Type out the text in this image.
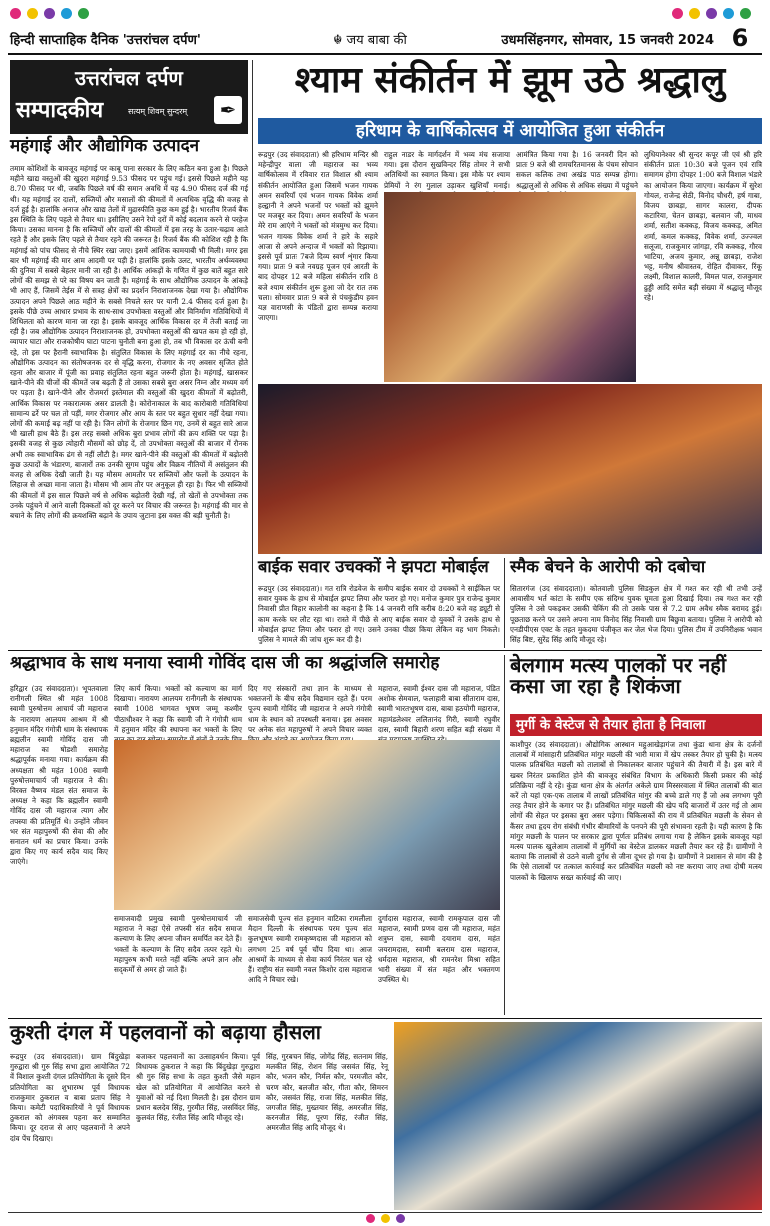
हिन्दी साप्ताहिक दैनिक 'उत्तरांचल दर्पण'	☬ जय बाबा की	उधमसिंहनगर, सोमवार, 15 जनवरी 2024 6
उत्तरांचल दर्पण
सम्पादकीय	सत्यम् शिवम् सुन्दरम्	✒
महंगाई और औद्योगिक उत्पादन
तमाम कोशिशों के बावजूद महंगाई पर काबू पाना सरकार के लिए कठिन बना हुआ है। पिछले महीने खाद्य वस्तुओं की खुदरा महंगाई 9.53 फीसद पर पहुंच गई। इससे पिछले महीने यह 8.70 फीसद पर थी, जबकि पिछले वर्ष की समान अवधि में यह 4.90 फीसद दर्ज की गई थी। यह महंगाई दर दालों, सब्जियों और मसालों की कीमतों में अत्यधिक वृद्धि की वजह से दर्ज हुई है। हालांकि अनाज और खाद्य तेलों में मुद्रास्फीति कुछ कम हुई है। भारतीय रिजर्व बैंक इस स्थिति के लिए पहले से तैयार था। इसीलिए उसने रेपो दरों में कोई बदलाव करने से परहेज किया। उसका मानना है कि सब्जियों और दालों की कीमतों में इस तरह के उतार-चढ़ाव आते रहते हैं और इसके लिए पहले से तैयार रहने की जरूरत है। रिजर्व बैंक की कोशिश रही है कि महंगाई को पांच फीसद से नीचे स्थिर रखा जाए। इसमें आंशिक कामयाबी भी मिली। मगर इस बार भी महंगाई की मार आम आदमी पर पड़ी है। हालांकि इसके उलट, भारतीय अर्थव्यवस्था की दुनिया में सबसे बेहतर मानी जा रही है। आर्थिक आंकड़ों के गणित में कुछ बातें बहुत सारे लोगों की समझ से परे का विषय बन जाती हैं। महंगाई के साथ औद्योगिक उत्पादन के आंकड़े भी आए हैं, जिसमें तेईस में से सत्रह क्षेत्रों का प्रदर्शन निराशाजनक देखा गया है। औद्योगिक उत्पादन अपने पिछले आठ महीने के सबसे निचले स्तर पर यानी 2.4 फीसद दर्ज हुआ है। इसके पीछे उच्च आधार प्रभाव के साथ-साथ उपभोक्ता वस्तुओं और विनिर्माण गतिविधियों में शिथिलता को कारण माना जा रहा है। इसके बावजूद आर्थिक विकास दर में तेजी बताई जा रही है। जब औद्योगिक उत्पादन निराशाजनक हो, उपभोक्ता वस्तुओं की खपत कम हो रही हो, व्यापार घाटा और राजकोषीय घाटा पाटना चुनौती बना हुआ हो, तब भी विकास दर ऊंची बनी रहे, तो इस पर हैरानी स्वाभाविक है। संतुलित विकास के लिए महंगाई दर का नीचे रहना, औद्योगिक उत्पादन का संतोषजनक दर से वृद्धि करना, रोजगार के नए अवसर सृजित होते रहना और बाजार में पूंजी का प्रवाह संतुलित रहना बहुत जरूरी होता है। महंगाई, खासकर खाने-पीने की चीजों की कीमतें जब बढ़ती हैं तो उसका सबसे बुरा असर निम्न और मध्यम वर्ग पर पड़ता है। खाने-पीने और रोजमर्रा इस्तेमाल की वस्तुओं की खुदरा कीमतों में बढ़ोतरी, आर्थिक विकास पर नकारात्मक असर डालती है। कोरोनाकाल के बाद कारोबारी गतिविधियां सामान्य ढर्रे पर चल तो पड़ीं, मगर रोजगार और आय के स्तर पर बहुत सुधार नहीं देखा गया। लोगों की कमाई बढ़ नहीं पा रही है। जिन लोगों के रोजगार छिन गए, उनमें से बहुत सारे आज भी खाली हाथ बैठे हैं। इस तरह सबसे अधिक बुरा प्रभाव लोगों की क्रय शक्ति पर पड़ा है। इसकी वजह से कुछ त्योहारी मौसमों को छोड़ दें, तो उपभोक्ता वस्तुओं की बाजार में रौनक अभी तक स्वाभाविक ढंग से नहीं लौटी है। मगर खाने-पीने की वस्तुओं की कीमतों में बढ़ोतरी कुछ उत्पादों के भंडारण, बाजारों तक उनकी सुगम पहुंच और विक्रय नीतियों में असंतुलन की वजह से अधिक देखी जाती है। यह मौसम आमतौर पर सब्जियों और फलों के उत्पादन के लिहाज से अच्छा माना जाता है। मौसम भी आम तौर पर अनुकूल ही रहा है। फिर भी सब्जियों की कीमतों में इस साल पिछले वर्ष से अधिक बढ़ोतरी देखी गई, तो खेतों से उपभोक्ता तक उनके पहुंचने में आने वाली दिक्कतों को दूर करने पर विचार की जरूरत है। महंगाई की मार से बचाने के लिए लोगों की क्रयशक्ति बढ़ाने के उपाय जुटाना इस वक्त की बड़ी चुनौती है।
श्याम संकीर्तन में झूम उठे श्रद्धालु
हरिधाम के वार्षिकोत्सव में आयोजित हुआ संकीर्तन
रूद्रपुर (उद संवाददाता) श्री हरिधाम मन्दिर श्री महेन्द्रीपुर वाला जी महाराज का भव्य वार्षिकोत्सव में रविवार रात विशाल श्री श्याम संकीर्तन आयोजित हुआ जिसमें भजन गायक अमन सवरियाँ एवं भजन गायक विवेक शर्मा हल्द्वानी ने अपने भजनों पर भक्तों को झूमने पर मजबूर कर दिया। अमन सवरियाँ के भजन मेरे राम आएंगे ने भक्तों को मंत्रमुग्ध कर दिया। भजन गायक विवेक शर्मा ने हारे के सहारे आजा से अपने अन्दाज में भक्तों को रिझाया। इससे पूर्व प्रातः 7बजे दिव्य स्वर्ण शृंगार किया गया। प्रातः 9 बजे नवग्रह पूजन एवं आरती के बाद दोपहर 12 बजे महिला संकीर्तन रात्रि 8 बजे श्याम संकीर्तन शुरू हुआ जो देर रात तक चला। सोमवार प्रातः 9 बजे से पंचकुंडीय हवन यज्ञ वाराणसी के पंडितों द्वारा सम्पन्न कराया जाएगा।
राहुल नाडर के मार्गदर्शन में भव्य मंच सजाया गया। इस दौरान सुखविन्दर सिंह तोमर ने सभी अतिथियों का स्वागत किया। इस मौके पर श्याम प्रेमियों ने रंग गुलाल उड़ाकर खुशियाँ मनाई।
आमंत्रित किया गया है। 16 जनवरी दिन को प्रातः 9 बजे श्री रामचरितमानस के पंचम सोपान सकल कलिक तथा अखंड पाठ सम्पन्न होगा। श्रद्धालुओं से अधिक से अधिक संख्या में पहुंचने
लुधियानेश्वर श्री सुन्दर कपूर जी एवं श्री हरि संकीर्तन प्रातः 10:30 बजे पूजन एवं रात्रि समागम होगा दोपहर 1:00 बजे विशाल भंडारे का आयोजन किया जाएगा। कार्यक्रम में सुरेश गोयल, राजेन्द्र सेठी, विनोद चौधरी, हर्ष गाबा, विजय छाबड़ा, सागर कालरा, दीपक कटारिया, चेतन छाबड़ा, बलवान जी, माधव शर्मा, सतीश कक्कड़, विजय कक्कड़, अमित शर्मा, कमल कक्कड़, विवेक शर्मा, उज्ज्वल सलूजा, राजकुमार जांगड़ा, रवि कक्कड़, गौरव भाटिया, अजय कुमार, अन्नू छाबड़ा, राजेश भट्ट, मनीष श्रीवास्तव, रोहित दीवाकर, रिंकू लक्ष्मी, विशाल कालरी, विमल पाल, राजकुमार ढुड्डी आदि समेत बड़ी संख्या में श्रद्धालु मौजूद रहे।
बाईक सवार उचक्कों ने झपटा मोबाईल
रूद्रपुर (उद संवाददाता)। गत रात्रि रोडवेज के समीप बाईक सवार दो उचक्कों ने साईकिल पर सवार युवक के हाथ से मोबाईल झपट लिया और फरार हो गए। मनोज कुमार पुत्र राजेन्द्र कुमार निवासी प्रीत विहार कालोनी का कहना है कि 14 जनवरी रात्रि करीब 8:20 बजे वह ड्यूटी से काम करके घर लौट रहा था। रास्ते में पीछे से आए बाईक सवार दो युवकों ने उसके हाथ से मोबाईल झपट लिया और फरार हो गए। उसने उनका पीछा किया लेकिन वह भाग निकले। पुलिस ने मामले की जांच शुरू कर दी है।
स्मैक बेचने के आरोपी को दबोचा
सितारगंज (उद संवाददाता)। कोतवाली पुलिस सिडकुल क्षेत्र में गश्त कर रही थी तभी उन्हें आवासीय भर्त कांटा के समीप एक संदिग्ध युवक घूमता हुआ दिखाई दिया। तब गश्त कर रही पुलिस ने उसे पकड़कर उसकी चेकिंग की तो उसके पास से 7.2 ग्राम अवैध स्मैक बरामद हुई। पूछताछ करने पर उसने अपना नाम विनोद सिंह निवासी ग्राम बिछुवा बताया। पुलिस ने आरोपी को एनडीपीएस एक्ट के तहत मुकदमा पंजीकृत कर जेल भेज दिया। पुलिस टीम में उपनिरीक्षक भवान सिंह बिष्ट, सुरेंद्र सिंह आदि मौजूद रहे।
श्रद्धाभाव के साथ मनाया स्वामी गोविंद दास जी का श्रद्धांजलि समारोह
हरिद्वार (उद संवाददाता)। भूपतवाला रानीगली स्थित श्री महंत 1008 स्वामी पुरुषोत्तम आचार्य जी महाराज के नारायण आलयम आश्रम में श्री हनुमान मंदिर गंगोत्री धाम के संस्थापक ब्रह्मलीन स्वामी गोविंद दास जी महाराज का षोडशी समारोह श्रद्धापूर्वक मनाया गया। कार्यक्रम की अध्यक्षता श्री महंत 1008 स्वामी पुरुषोत्तमाचार्य जी महाराज ने की। विरक्त वैष्णव मंडल संत समाज के अध्यक्ष ने कहा कि ब्रह्मलीन स्वामी गोविंद दास जी महाराज त्याग और तपस्या की प्रतिमूर्ति थे। उन्होंने जीवन भर संत महापुरुषों की सेवा की और सनातन धर्म का प्रचार किया। उनके द्वारा किए गए कार्य सदैव याद किए जाएंगे।
लिए कार्य किया। भक्तों को कल्याण का मार्ग दिखाया। नारायण आलयम रानीगली के संस्थापक स्वामी 1008 भागवत भूषण जम्मू कश्मीर पीठाधीश्वर ने कहा कि स्वामी जी ने गंगोत्री धाम में हनुमान मंदिर की स्थापना कर भक्तों के लिए
दिए गए संस्कारों तथा ज्ञान के माध्यम से भक्तजनों के बीच सदैव विद्यमान रहते हैं। परम पूज्य स्वामी गोविंद जी महाराज ने अपने गंगोत्री धाम के स्थान को तपस्थली बनाया। इस अवसर पर अनेक संत महापुरुषों ने अपने विचार व्यक्त
महाराज, स्वामी ईश्वर दास जी महाराज, पंडित अशोक सेमवाल, फलाहारी बाबा सीताराम दास, स्वामी भारतभूषण दास, बाबा हठयोगी महाराज, महामंडलेश्वर ललितानंद गिरी, स्वामी रघुवीर दास, स्वामी बिहारी शरण सहित बड़ी संख्या में
समाजवादी प्रमुख स्वामी पुरुषोत्तमाचार्य जी महाराज ने कहा ऐसे तपस्वी संत सदैव समाज कल्याण के लिए अपना जीवन समर्पित कर देते हैं। भक्तों के कल्याण के लिए सदैव तत्पर रहते थे। महापुरुष कभी मरते नहीं बल्कि अपने ज्ञान और सद्कर्मों से अमर हो जाते हैं।
समाजसेवी पूज्य संत हनुमान वाटिका रामलीला मैदान दिल्ली के संस्थापक परम पूज्य संत कुलभूषण स्वामी रामकृष्णदास जी महाराज को लगभग 25 वर्ष पूर्व चौंप दिया था। आज आश्रमों के माध्यम से सेवा कार्य निरंतर चल रहे हैं। राष्ट्रीय संत स्वामी नवल किशोर दास महाराज आदि ने विचार रखे।
दुर्गादास महाराज, स्वामी रामकृपाल दास जी महाराज, स्वामी प्रणव दास जी महाराज, महंत शत्रुघ्न दास, स्वामी दयाराम दास, महंत जयरामदास, स्वामी बलराम दास महाराज, धर्मदास महाराज, श्री रामनरेश मिश्रा सहित भारी संख्या में संत महंत और भक्तगण उपस्थित थे।
बेलगाम मत्स्य पालकों पर नहीं कसा जा रहा है शिकंजा
मुर्गी के वेस्टेज से तैयार होता है निवाला
काशीपुर (उद संवाददाता)। औद्योगिक आस्थान महुआखेड़ागंज तथा कुंडा थाना क्षेत्र के दर्जनों तालाबों में मांसाहारी प्रतिबंधित मांगुर मछली की भारी मात्रा में खेप तस्कर तैयार हो चुकी है। मत्स्य पालक प्रतिबंधित मछली को तालाबों से निकालकर बाजार पहुंचाने की तैयारी में है। इस बारे में खबर निरंतर प्रकाशित होने की बावजूद संबंधित विभाग के अधिकारी किसी प्रकार की कोई प्रतिक्रिया नहीं दे रहे। कुंडा थाना क्षेत्र के अंतर्गत अकेले ग्राम मिस्सरवाला में स्थित तालाबों की बात करें तो यहां एक-एक तालाब में लाखों प्रतिबंधित मांगुर की बच्चे डाले गए हैं जो अब लगभग पूरी तरह तैयार होने के कगार पर हैं। प्रतिबंधित मांगुर मछली की खेप यदि बाजारों में उतर गई तो आम लोगों की सेहत पर इसका बुरा असर पड़ेगा। चिकित्सकों की राय में प्रतिबंधित मछली के सेवन से कैंसर तथा हृदय रोग संबंधी गंभीर बीमारियों के पनपने की पूरी संभावना रहती है। यही कारण है कि मांगुर मछली के पालन पर सरकार द्वारा पूर्णतः प्रतिबंध लगाया गया है लेकिन इसके बावजूद यहां मत्स्य पालक खुलेआम तालाबों में मुर्गियों का वेस्टेज डालकर मछली तैयार कर रहे हैं। ग्रामीणों ने बताया कि तालाबों से उठने वाली दुर्गंध से जीना दूभर हो गया है। ग्रामीणों ने प्रशासन से मांग की है कि ऐसे तालाबों पर तत्काल कार्रवाई कर प्रतिबंधित मछली को नष्ट कराया जाए तथा दोषी मत्स्य पालकों के खिलाफ सख्त कार्रवाई की जाए।
कुश्ती दंगल में पहलवानों को बढ़ाया हौसला
रूद्रपुर (उद संवाददाता)। ग्राम बिंदुखेड़ा गुरुद्वारा श्री गुरु सिंह सभा द्वारा आयोजित 72 वें विशाल कुश्ती दंगल प्रतियोगिता के दूसरे दिन प्रतियोगिता का शुभारम्भ पूर्व विधायक राजकुमार ठुकराल व बाबा प्रताप सिंह ने किया। कमेटी पदाधिकारियों ने पूर्व विधायक ठुकराल को अंगवस्त्र पहना कर सम्मानित किया। दूर दराज से आए पहलवानों ने अपने दांव पेंच दिखाए।
बजाकर पहलवानों का उत्साहवर्धन किया। पूर्व विधायक ठुकराल ने कहा कि बिंदुखेड़ा गुरुद्वारा श्री गुरु सिंह सभा के तहत कुश्ती जैसे महान खेल को प्रतियोगिता में आयोजित करने से युवाओं को नई दिशा मिलती है। इस दौरान ग्राम प्रधान बलदेव सिंह, गुरमीत सिंह, जसविंदर सिंह, कुलवंत सिंह, रंजीत सिंह आदि मौजूद रहे।
सिंह, गुरबचन सिंह, जोगेंद्र सिंह, सतनाम सिंह, मलकीत सिंह, रोशन सिंह जसवंत सिंह, रेनू कौर, भजन कौर, निर्मल कौर, परमजीत कौर, चरण कौर, बलजीत कौर, गीता कौर, सिमरन कौर, जसवंत सिंह, राजा सिंह, मलकीत सिंह, जगजीत सिंह, मुख्तयार सिंह, अमरजीत सिंह, करनजीत सिंह, पूरण सिंह, रंजीत सिंह, अमरजीत सिंह आदि मौजूद थे।
